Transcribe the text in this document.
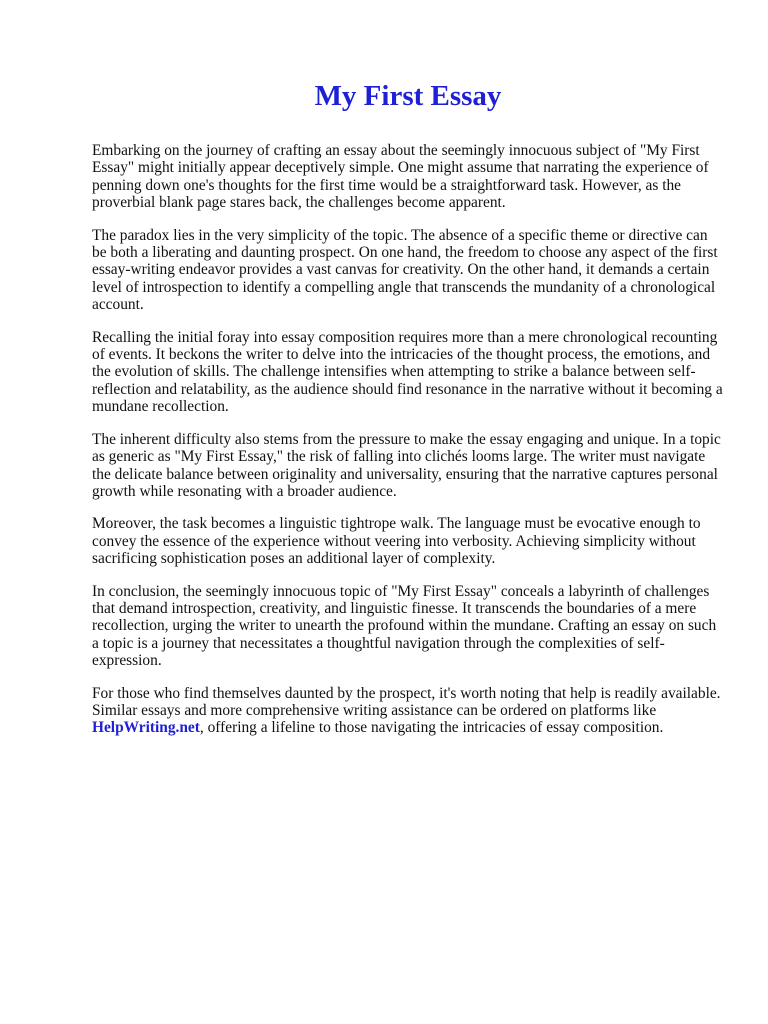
My First Essay

Embarking on the journey of crafting an essay about the seemingly innocuous subject of "My First Essay" might initially appear deceptively simple. One might assume that narrating the experience of penning down one's thoughts for the first time would be a straightforward task. However, as the proverbial blank page stares back, the challenges become apparent.

The paradox lies in the very simplicity of the topic. The absence of a specific theme or directive can be both a liberating and daunting prospect. On one hand, the freedom to choose any aspect of the first essay-writing endeavor provides a vast canvas for creativity. On the other hand, it demands a certain level of introspection to identify a compelling angle that transcends the mundanity of a chronological account.

Recalling the initial foray into essay composition requires more than a mere chronological recounting of events. It beckons the writer to delve into the intricacies of the thought process, the emotions, and the evolution of skills. The challenge intensifies when attempting to strike a balance between self-reflection and relatability, as the audience should find resonance in the narrative without it becoming a mundane recollection.

The inherent difficulty also stems from the pressure to make the essay engaging and unique. In a topic as generic as "My First Essay," the risk of falling into clichés looms large. The writer must navigate the delicate balance between originality and universality, ensuring that the narrative captures personal growth while resonating with a broader audience.

Moreover, the task becomes a linguistic tightrope walk. The language must be evocative enough to convey the essence of the experience without veering into verbosity. Achieving simplicity without sacrificing sophistication poses an additional layer of complexity.

In conclusion, the seemingly innocuous topic of "My First Essay" conceals a labyrinth of challenges that demand introspection, creativity, and linguistic finesse. It transcends the boundaries of a mere recollection, urging the writer to unearth the profound within the mundane. Crafting an essay on such a topic is a journey that necessitates a thoughtful navigation through the complexities of self-expression.

For those who find themselves daunted by the prospect, it's worth noting that help is readily available. Similar essays and more comprehensive writing assistance can be ordered on platforms like HelpWriting.net, offering a lifeline to those navigating the intricacies of essay composition.
